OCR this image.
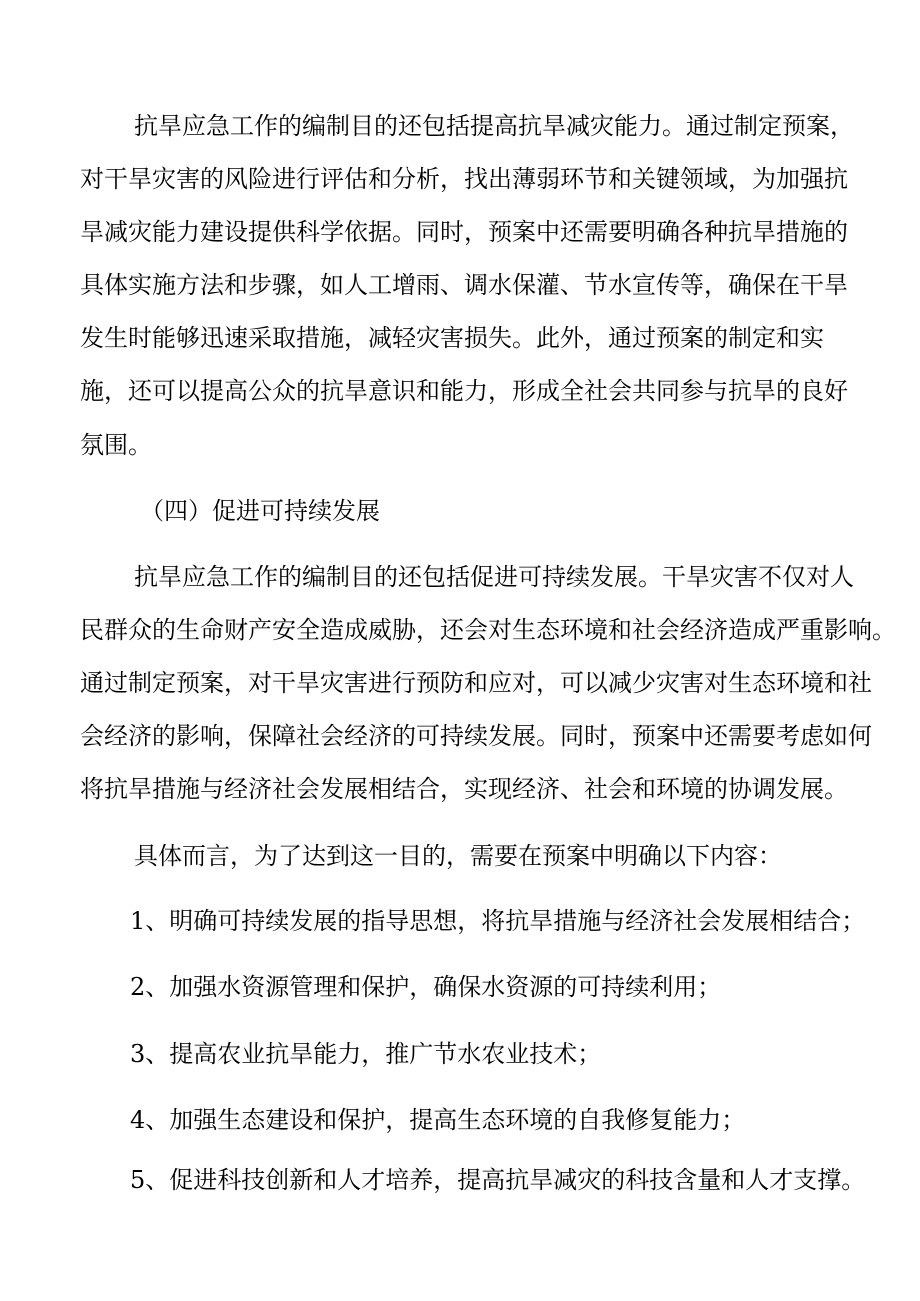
抗旱应急工作的编制目的还包括提高抗旱减灾能力。通过制定预案，
对干旱灾害的风险进行评估和分析，找出薄弱环节和关键领域，为加强抗
旱减灾能力建设提供科学依据。同时，预案中还需要明确各种抗旱措施的
具体实施方法和步骤，如人工增雨、调水保灌、节水宣传等，确保在干旱
发生时能够迅速采取措施，减轻灾害损失。此外，通过预案的制定和实
施，还可以提高公众的抗旱意识和能力，形成全社会共同参与抗旱的良好
氛围。
（四）促进可持续发展
抗旱应急工作的编制目的还包括促进可持续发展。干旱灾害不仅对人
民群众的生命财产安全造成威胁，还会对生态环境和社会经济造成严重影响。
通过制定预案，对干旱灾害进行预防和应对，可以减少灾害对生态环境和社
会经济的影响，保障社会经济的可持续发展。同时，预案中还需要考虑如何
将抗旱措施与经济社会发展相结合，实现经济、社会和环境的协调发展。
具体而言，为了达到这一目的，需要在预案中明确以下内容：
1、明确可持续发展的指导思想，将抗旱措施与经济社会发展相结合；
2、加强水资源管理和保护，确保水资源的可持续利用；
3、提高农业抗旱能力，推广节水农业技术；
4、加强生态建设和保护，提高生态环境的自我修复能力；
5、促进科技创新和人才培养，提高抗旱减灾的科技含量和人才支撑。
